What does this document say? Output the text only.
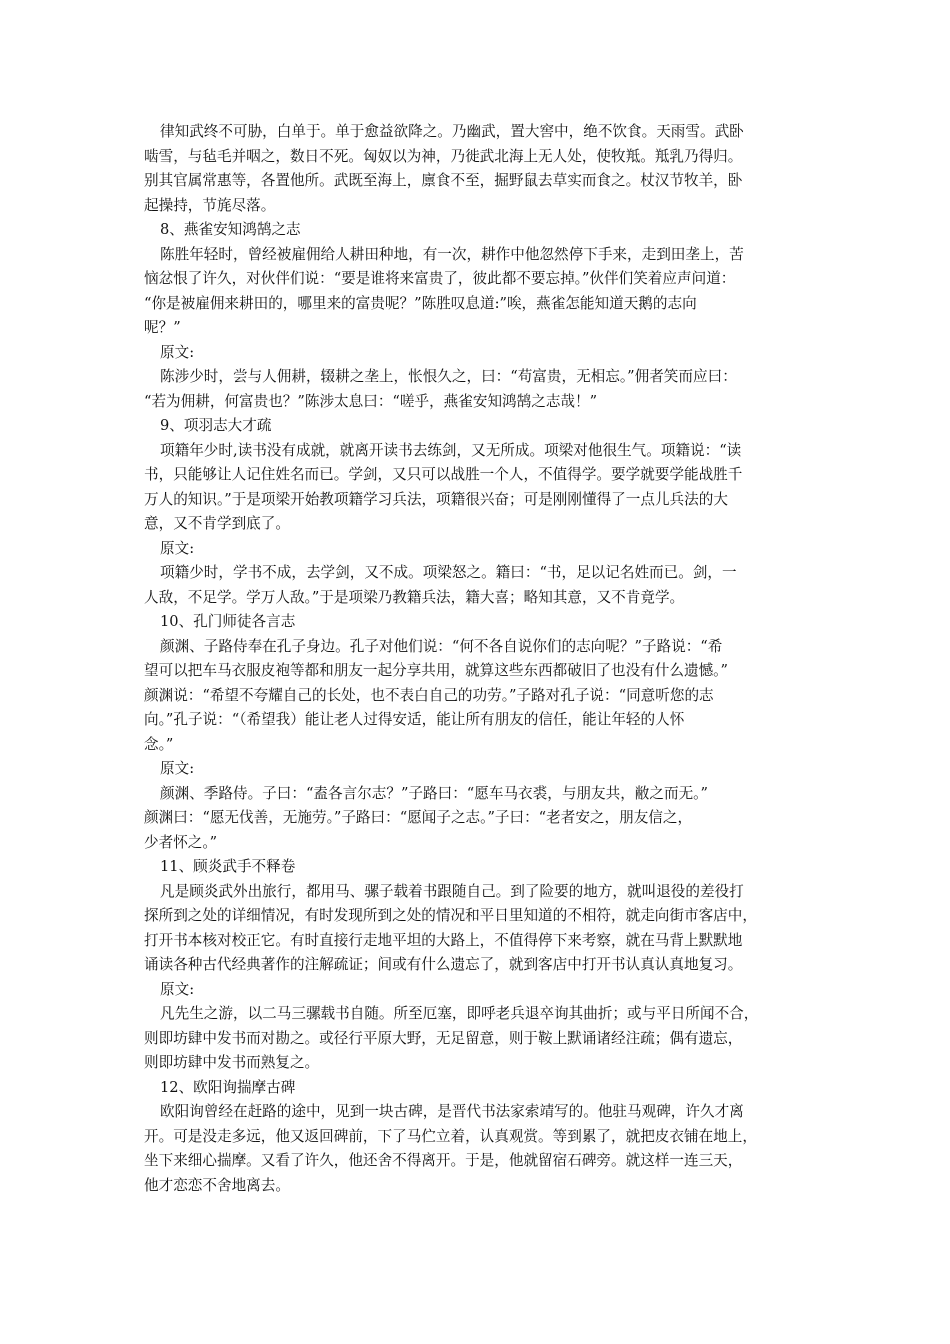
律知武终不可胁，白单于。单于愈益欲降之。乃幽武，置大窖中，绝不饮食。天雨雪。武卧
啮雪，与毡毛并咽之，数日不死。匈奴以为神，乃徙武北海上无人处，使牧羝。羝乳乃得归。
别其官属常惠等，各置他所。武既至海上，廪食不至，掘野鼠去草实而食之。杖汉节牧羊，卧
起操持，节旄尽落。
8、燕雀安知鸿鹄之志
陈胜年轻时，曾经被雇佣给人耕田种地，有一次，耕作中他忽然停下手来，走到田垄上，苦
恼忿恨了许久，对伙伴们说：“要是谁将来富贵了，彼此都不要忘掉。”伙伴们笑着应声问道：
“你是被雇佣来耕田的，哪里来的富贵呢？”陈胜叹息道:”唉，燕雀怎能知道天鹅的志向
呢？”
原文:
陈涉少时，尝与人佣耕，辍耕之垄上，怅恨久之，曰：“苟富贵，无相忘。”佣者笑而应曰：
“若为佣耕，何富贵也？”陈涉太息曰：“嗟乎，燕雀安知鸿鹄之志哉！”
9、项羽志大才疏
项籍年少时,读书没有成就，就离开读书去练剑，又无所成。项梁对他很生气。项籍说：“读
书，只能够让人记住姓名而已。学剑，又只可以战胜一个人，不值得学。要学就要学能战胜千
万人的知识。”于是项梁开始教项籍学习兵法，项籍很兴奋；可是刚刚懂得了一点儿兵法的大
意，又不肯学到底了。
原文:
项籍少时，学书不成，去学剑，又不成。项梁怒之。籍曰：“书，足以记名姓而已。剑，一
人敌，不足学。学万人敌。”于是项梁乃教籍兵法，籍大喜；略知其意，又不肯竟学。
10、孔门师徒各言志
颜渊、子路侍奉在孔子身边。孔子对他们说：“何不各自说你们的志向呢？”子路说：“希
望可以把车马衣服皮袍等都和朋友一起分享共用，就算这些东西都破旧了也没有什么遗憾。”
颜渊说：“希望不夸耀自己的长处，也不表白自己的功劳。”子路对孔子说：“同意听您的志
向。”孔子说：“（希望我）能让老人过得安适，能让所有朋友的信任，能让年轻的人怀
念。”
原文:
颜渊、季路侍。子曰：“盍各言尔志？”子路曰：“愿车马衣裘，与朋友共，敝之而无。”
颜渊曰：“愿无伐善，无施劳。”子路曰：“愿闻子之志。”子曰：“老者安之，朋友信之，
少者怀之。”
11、顾炎武手不释卷
凡是顾炎武外出旅行，都用马、骡子载着书跟随自己。到了险要的地方，就叫退役的差役打
探所到之处的详细情况，有时发现所到之处的情况和平日里知道的不相符，就走向街市客店中，
打开书本核对校正它。有时直接行走地平坦的大路上，不值得停下来考察，就在马背上默默地
诵读各种古代经典著作的注解疏证；间或有什么遗忘了，就到客店中打开书认真认真地复习。
原文:
凡先生之游，以二马三骡载书自随。所至厄塞，即呼老兵退卒询其曲折；或与平日所闻不合，
则即坊肆中发书而对勘之。或径行平原大野，无足留意，则于鞍上默诵诸经注疏；偶有遗忘，
则即坊肆中发书而熟复之。
12、欧阳询揣摩古碑
欧阳询曾经在赶路的途中，见到一块古碑，是晋代书法家索靖写的。他驻马观碑，许久才离
开。可是没走多远，他又返回碑前，下了马伫立着，认真观赏。等到累了，就把皮衣铺在地上，
坐下来细心揣摩。又看了许久，他还舍不得离开。于是，他就留宿石碑旁。就这样一连三天，
他才恋恋不舍地离去。
